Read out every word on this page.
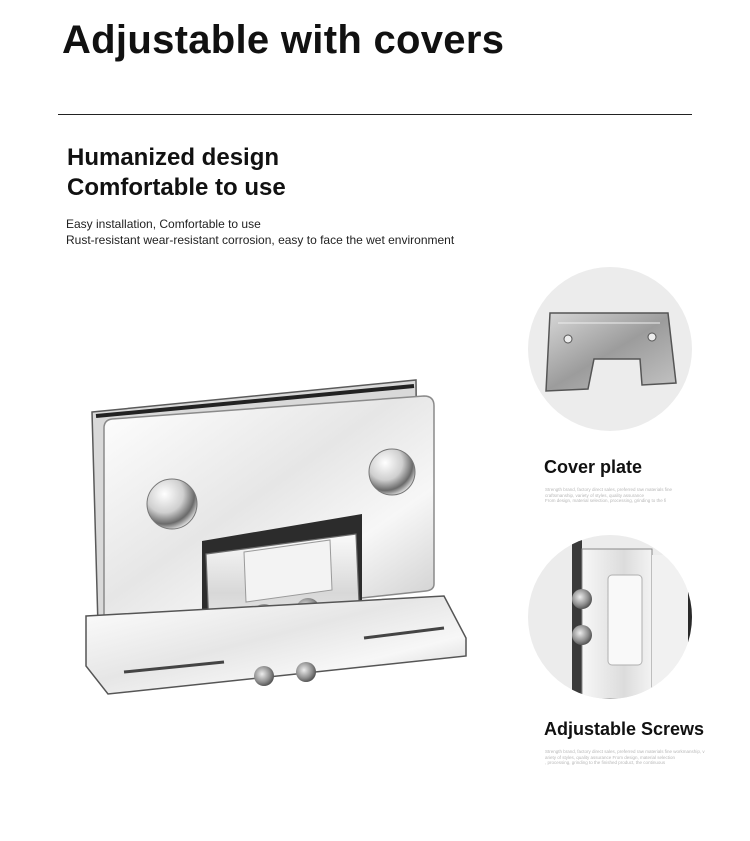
Adjustable with covers
Humanized design
Comfortable to use

Easy installation, Comfortable to use

Rust-resistant wear-resistant corrosion, easy to face the wet environment

Cover plate

Strength brand, factory direct sales, preferred raw materials fine

craftsmanship, variety of styles, quality assurance

From design, material selection, processing, grinding to the fi

Adjustable Screws

Strength brand, factory direct sales, preferred raw materials fine workmanship, v

ariety of styles, quality assurance From design, material selection

, processing, grinding to the finished product, the continuous
